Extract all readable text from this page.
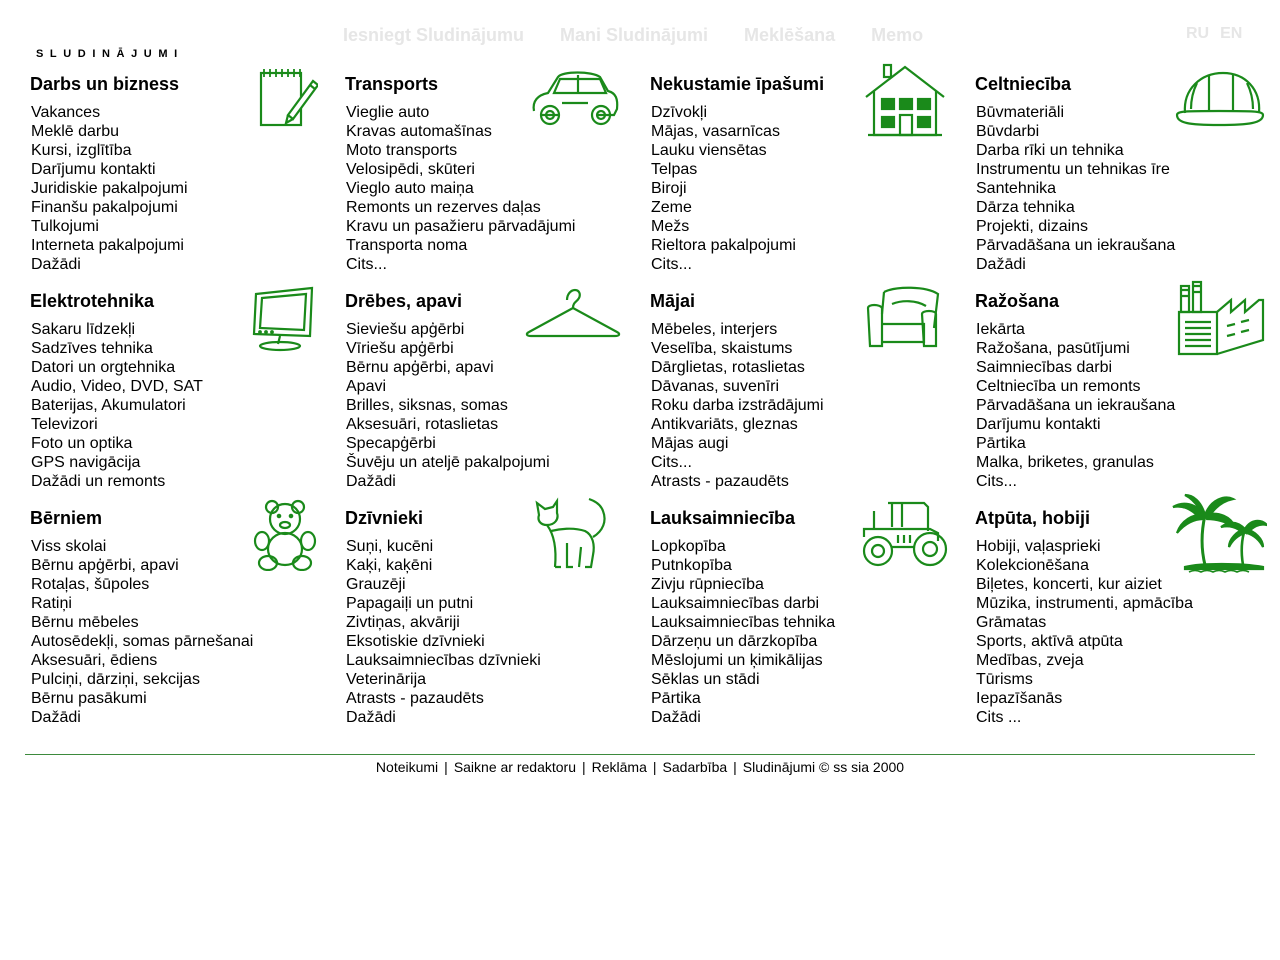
SLUDINĀJUMI
Iesniegt Sludinājumu Mani Sludinājumi Meklēšana Memo	RU EN
Darbs un bizness
Vakances
Meklē darbu
Kursi, izglītība
Darījumu kontakti
Juridiskie pakalpojumi
Finanšu pakalpojumi
Tulkojumi
Interneta pakalpojumi
Dažādi
Transports
Vieglie auto
Kravas automašīnas
Moto transports
Velosipēdi, skūteri
Vieglo auto maiņa
Remonts un rezerves daļas
Kravu un pasažieru pārvadājumi
Transporta noma
Cits...
Nekustamie īpašumi
Dzīvokļi
Mājas, vasarnīcas
Lauku viensētas
Telpas
Biroji
Zeme
Mežs
Rieltora pakalpojumi
Cits...
Celtniecība
Būvmateriāli
Būvdarbi
Darba rīki un tehnika
Instrumentu un tehnikas īre
Santehnika
Dārza tehnika
Projekti, dizains
Pārvadāšana un iekraušana
Dažādi
Elektrotehnika
Sakaru līdzekļi
Sadzīves tehnika
Datori un orgtehnika
Audio, Video, DVD, SAT
Baterijas, Akumulatori
Televizori
Foto un optika
GPS navigācija
Dažādi un remonts
Drēbes, apavi
Sieviešu apģērbi
Vīriešu apģērbi
Bērnu apģērbi, apavi
Apavi
Brilles, siksnas, somas
Aksesuāri, rotaslietas
Specapģērbi
Šuvēju un ateljē pakalpojumi
Dažādi
Mājai
Mēbeles, interjers
Veselība, skaistums
Dārglietas, rotaslietas
Dāvanas, suvenīri
Roku darba izstrādājumi
Antikvariāts, gleznas
Mājas augi
Cits...
Atrasts - pazaudēts
Ražošana
Iekārta
Ražošana, pasūtījumi
Saimniecības darbi
Celtniecība un remonts
Pārvadāšana un iekraušana
Darījumu kontakti
Pārtika
Malka, briketes, granulas
Cits...
Bērniem
Viss skolai
Bērnu apģērbi, apavi
Rotaļas, šūpoles
Ratiņi
Bērnu mēbeles
Autosēdekļi, somas pārnešanai
Aksesuāri, ēdiens
Pulciņi, dārziņi, sekcijas
Bērnu pasākumi
Dažādi
Dzīvnieki
Suņi, kucēni
Kaķi, kaķēni
Grauzēji
Papagaiļi un putni
Zivtiņas, akvāriji
Eksotiskie dzīvnieki
Lauksaimniecības dzīvnieki
Veterinārija
Atrasts - pazaudēts
Dažādi
Lauksaimniecība
Lopkopība
Putnkopība
Zivju rūpniecība
Lauksaimniecības darbi
Lauksaimniecības tehnika
Dārzeņu un dārzkopība
Mēslojumi un ķimikālijas
Sēklas un stādi
Pārtika
Dažādi
Atpūta, hobiji
Hobiji, vaļasprieki
Kolekcionēšana
Biļetes, koncerti, kur aiziet
Mūzika, instrumenti, apmācība
Grāmatas
Sports, aktīvā atpūta
Medības, zveja
Tūrisms
Iepazīšanās
Cits ...
Noteikumi | Saikne ar redaktoru | Reklāma | Sadarbība | Sludinājumi © ss sia 2000
